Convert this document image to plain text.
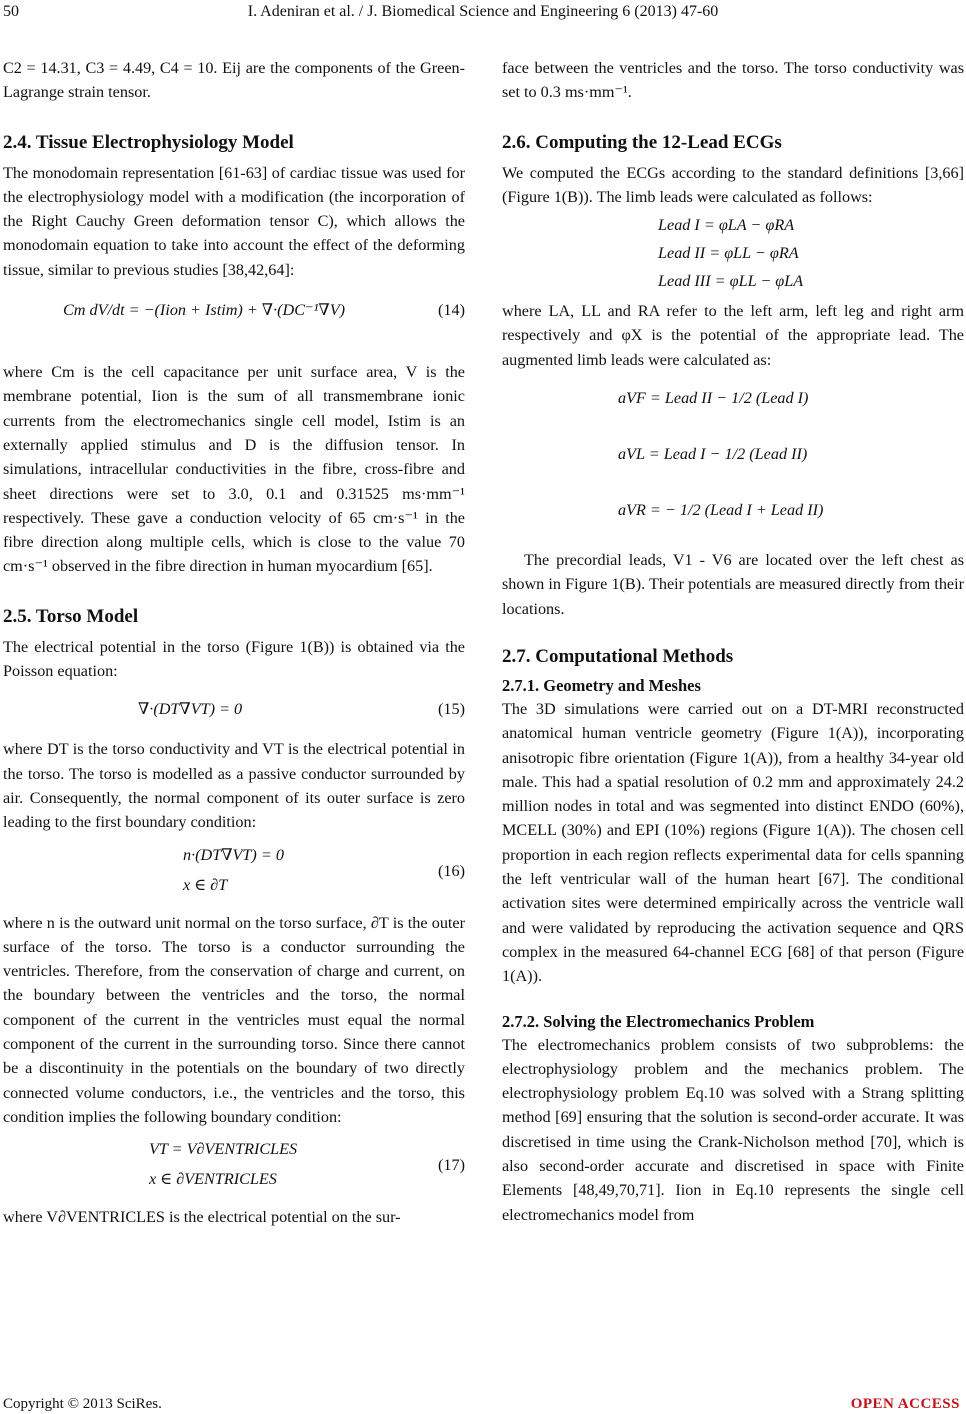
50	I. Adeniran et al. / J. Biomedical Science and Engineering 6 (2013) 47-60

C2 = 14.31, C3 = 4.49, C4 = 10. Eij are the components of the Green-Lagrange strain tensor.

2.4. Tissue Electrophysiology Model

The monodomain representation [61-63] of cardiac tissue was used for the electrophysiology model with a modification (the incorporation of the Right Cauchy Green deformation tensor C), which allows the monodomain equation to take into account the effect of the deforming tissue, similar to previous studies [38,42,64]:

Cm dV/dt = −(Iion + Istim) + ∇·(DC⁻¹∇V)	(14)

where Cm is the cell capacitance per unit surface area, V is the membrane potential, Iion is the sum of all transmembrane ionic currents from the electromechanics single cell model, Istim is an externally applied stimulus and D is the diffusion tensor. In simulations, intracellular conductivities in the fibre, cross-fibre and sheet directions were set to 3.0, 0.1 and 0.31525 ms·mm⁻¹ respectively. These gave a conduction velocity of 65 cm·s⁻¹ in the fibre direction along multiple cells, which is close to the value 70 cm·s⁻¹ observed in the fibre direction in human myocardium [65].

2.5. Torso Model

The electrical potential in the torso (Figure 1(B)) is obtained via the Poisson equation:

∇·(DT∇VT) = 0	(15)

where DT is the torso conductivity and VT is the electrical potential in the torso. The torso is modelled as a passive conductor surrounded by air. Consequently, the normal component of its outer surface is zero leading to the first boundary condition:

n·(DT∇VT) = 0
x ∈ ∂T
(16)

where n is the outward unit normal on the torso surface, ∂T is the outer surface of the torso. The torso is a conductor surrounding the ventricles. Therefore, from the conservation of charge and current, on the boundary between the ventricles and the torso, the normal component of the current in the ventricles must equal the normal component of the current in the surrounding torso. Since there cannot be a discontinuity in the potentials on the boundary of two directly connected volume conductors, i.e., the ventricles and the torso, this condition implies the following boundary condition:

VT = V∂VENTRICLES
x ∈ ∂VENTRICLES
(17)

where V∂VENTRICLES is the electrical potential on the sur-

face between the ventricles and the torso. The torso conductivity was set to 0.3 ms·mm⁻¹.

2.6. Computing the 12-Lead ECGs

We computed the ECGs according to the standard definitions [3,66] (Figure 1(B)). The limb leads were calculated as follows:

Lead I = φLA − φRA
Lead II = φLL − φRA
Lead III = φLL − φLA

where LA, LL and RA refer to the left arm, left leg and right arm respectively and φX is the potential of the appropriate lead. The augmented limb leads were calculated as:

aVF = Lead II − 1/2 (Lead I)
aVL = Lead I − 1/2 (Lead II)
aVR = − 1/2 (Lead I + Lead II)

The precordial leads, V1 - V6 are located over the left chest as shown in Figure 1(B). Their potentials are measured directly from their locations.

2.7. Computational Methods
2.7.1. Geometry and Meshes

The 3D simulations were carried out on a DT-MRI reconstructed anatomical human ventricle geometry (Figure 1(A)), incorporating anisotropic fibre orientation (Figure 1(A)), from a healthy 34-year old male. This had a spatial resolution of 0.2 mm and approximately 24.2 million nodes in total and was segmented into distinct ENDO (60%), MCELL (30%) and EPI (10%) regions (Figure 1(A)). The chosen cell proportion in each region reflects experimental data for cells spanning the left ventricular wall of the human heart [67]. The conditional activation sites were determined empirically across the ventricle wall and were validated by reproducing the activation sequence and QRS complex in the measured 64-channel ECG [68] of that person (Figure 1(A)).

2.7.2. Solving the Electromechanics Problem

The electromechanics problem consists of two subproblems: the electrophysiology problem and the mechanics problem. The electrophysiology problem Eq.10 was solved with a Strang splitting method [69] ensuring that the solution is second-order accurate. It was discretised in time using the Crank-Nicholson method [70], which is also second-order accurate and discretised in space with Finite Elements [48,49,70,71]. Iion in Eq.10 represents the single cell electromechanics model from

Copyright © 2013 SciRes.	OPEN ACCESS
